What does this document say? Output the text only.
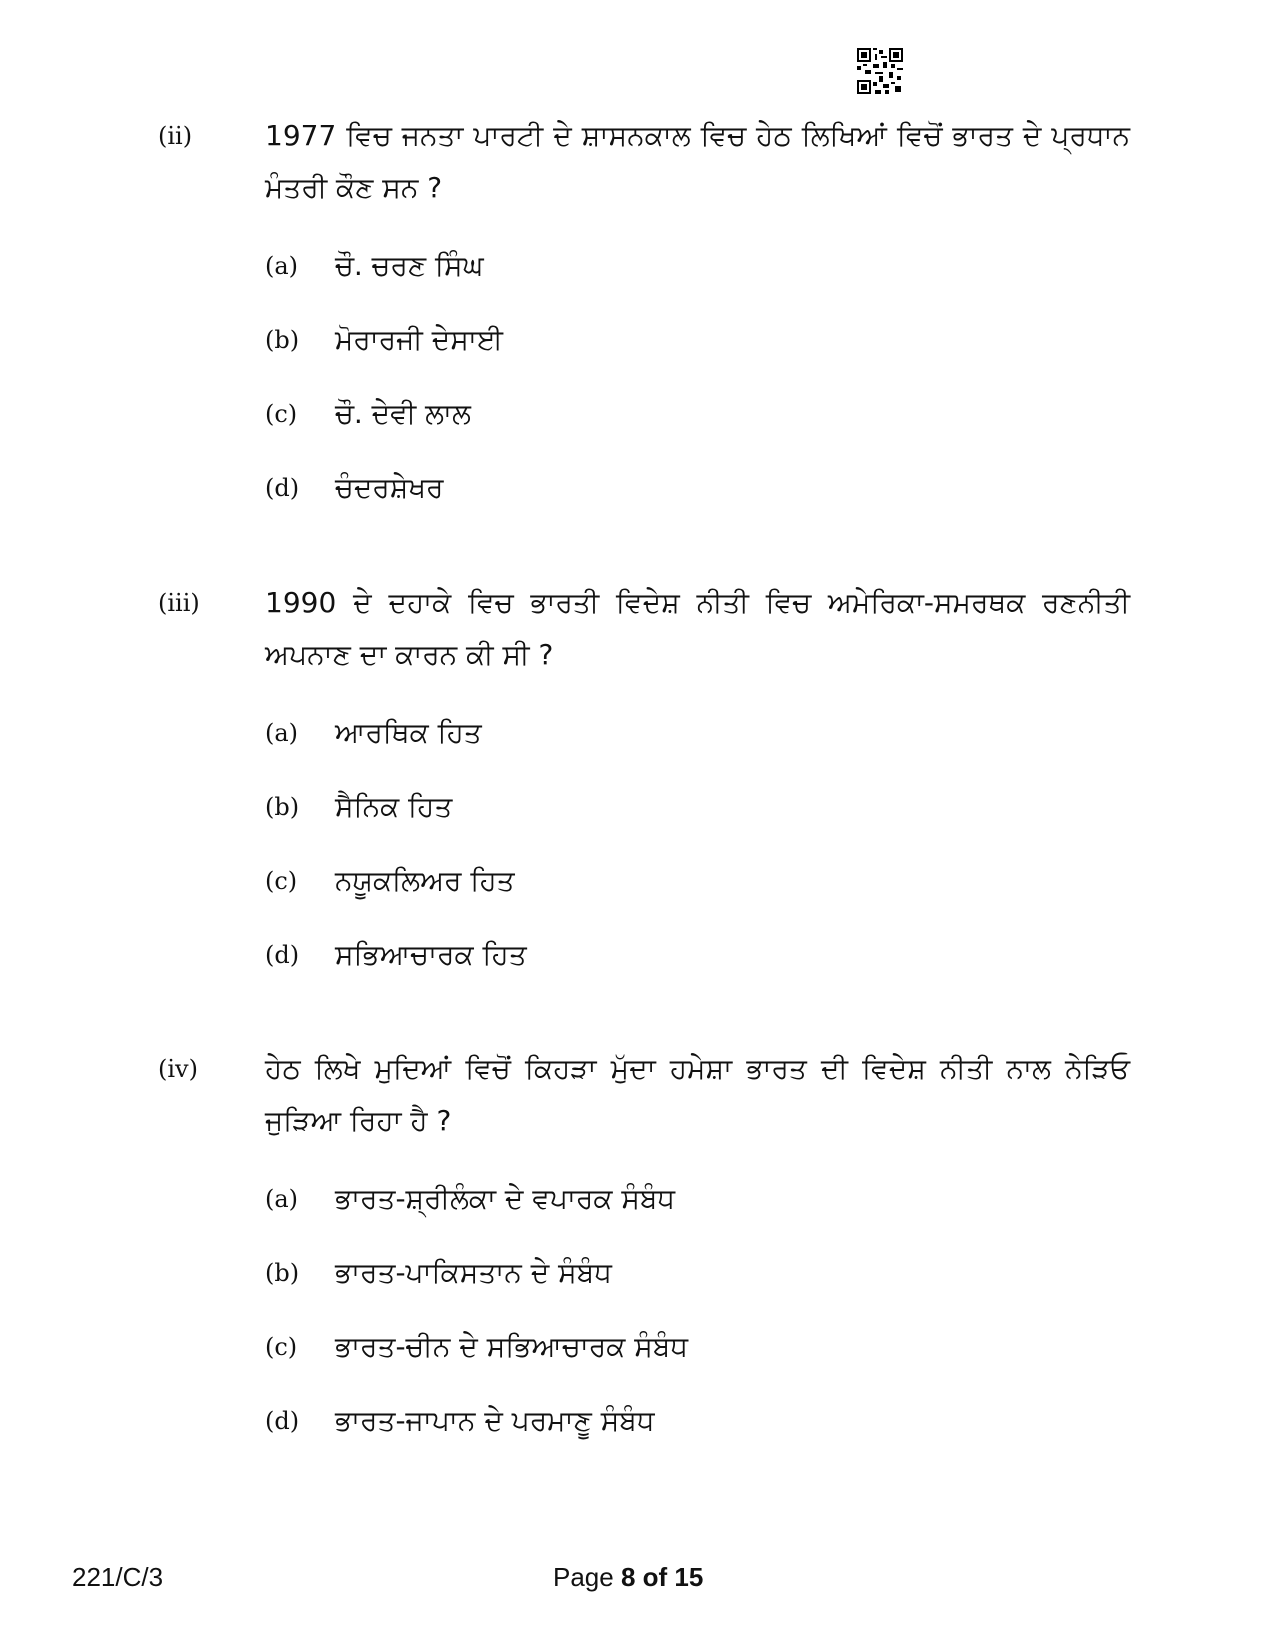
(ii)	1977 ਵਿਚ ਜਨਤਾ ਪਾਰਟੀ ਦੇ ਸ਼ਾਸਨਕਾਲ ਵਿਚ ਹੇਠ ਲਿਖਿਆਂ ਵਿਚੋਂ ਭਾਰਤ ਦੇ ਪ੍ਰਧਾਨ ਮੰਤਰੀ ਕੌਣ ਸਨ ?
(a) ਚੌ. ਚਰਣ ਸਿੰਘ
(b) ਮੋਰਾਰਜੀ ਦੇਸਾਈ
(c) ਚੌ. ਦੇਵੀ ਲਾਲ
(d) ਚੰਦਰਸ਼ੇਖਰ
(iii) 1990 ਦੇ ਦਹਾਕੇ ਵਿਚ ਭਾਰਤੀ ਵਿਦੇਸ਼ ਨੀਤੀ ਵਿਚ ਅਮੇਰਿਕਾ-ਸਮਰਥਕ ਰਣਨੀਤੀ ਅਪਨਾਣ ਦਾ ਕਾਰਨ ਕੀ ਸੀ ?
(a) ਆਰਥਿਕ ਹਿਤ
(b) ਸੈਨਿਕ ਹਿਤ
(c) ਨਯੂਕਲਿਅਰ ਹਿਤ
(d) ਸਭਿਆਚਾਰਕ ਹਿਤ
(iv) ਹੇਠ ਲਿਖੇ ਮੁਦਿਆਂ ਵਿਚੋਂ ਕਿਹੜਾ ਮੁੱਦਾ ਹਮੇਸ਼ਾ ਭਾਰਤ ਦੀ ਵਿਦੇਸ਼ ਨੀਤੀ ਨਾਲ ਨੇੜਿਓ ਜੁੜਿਆ ਰਿਹਾ ਹੈ ?
(a) ਭਾਰਤ-ਸ਼੍ਰੀਲੰਕਾ ਦੇ ਵਪਾਰਕ ਸੰਬੰਧ
(b) ਭਾਰਤ-ਪਾਕਿਸਤਾਨ ਦੇ ਸੰਬੰਧ
(c) ਭਾਰਤ-ਚੀਨ ਦੇ ਸਭਿਆਚਾਰਕ ਸੰਬੰਧ
(d) ਭਾਰਤ-ਜਾਪਾਨ ਦੇ ਪਰਮਾਣੂ ਸੰਬੰਧ
221/C/3	Page 8 of 15
